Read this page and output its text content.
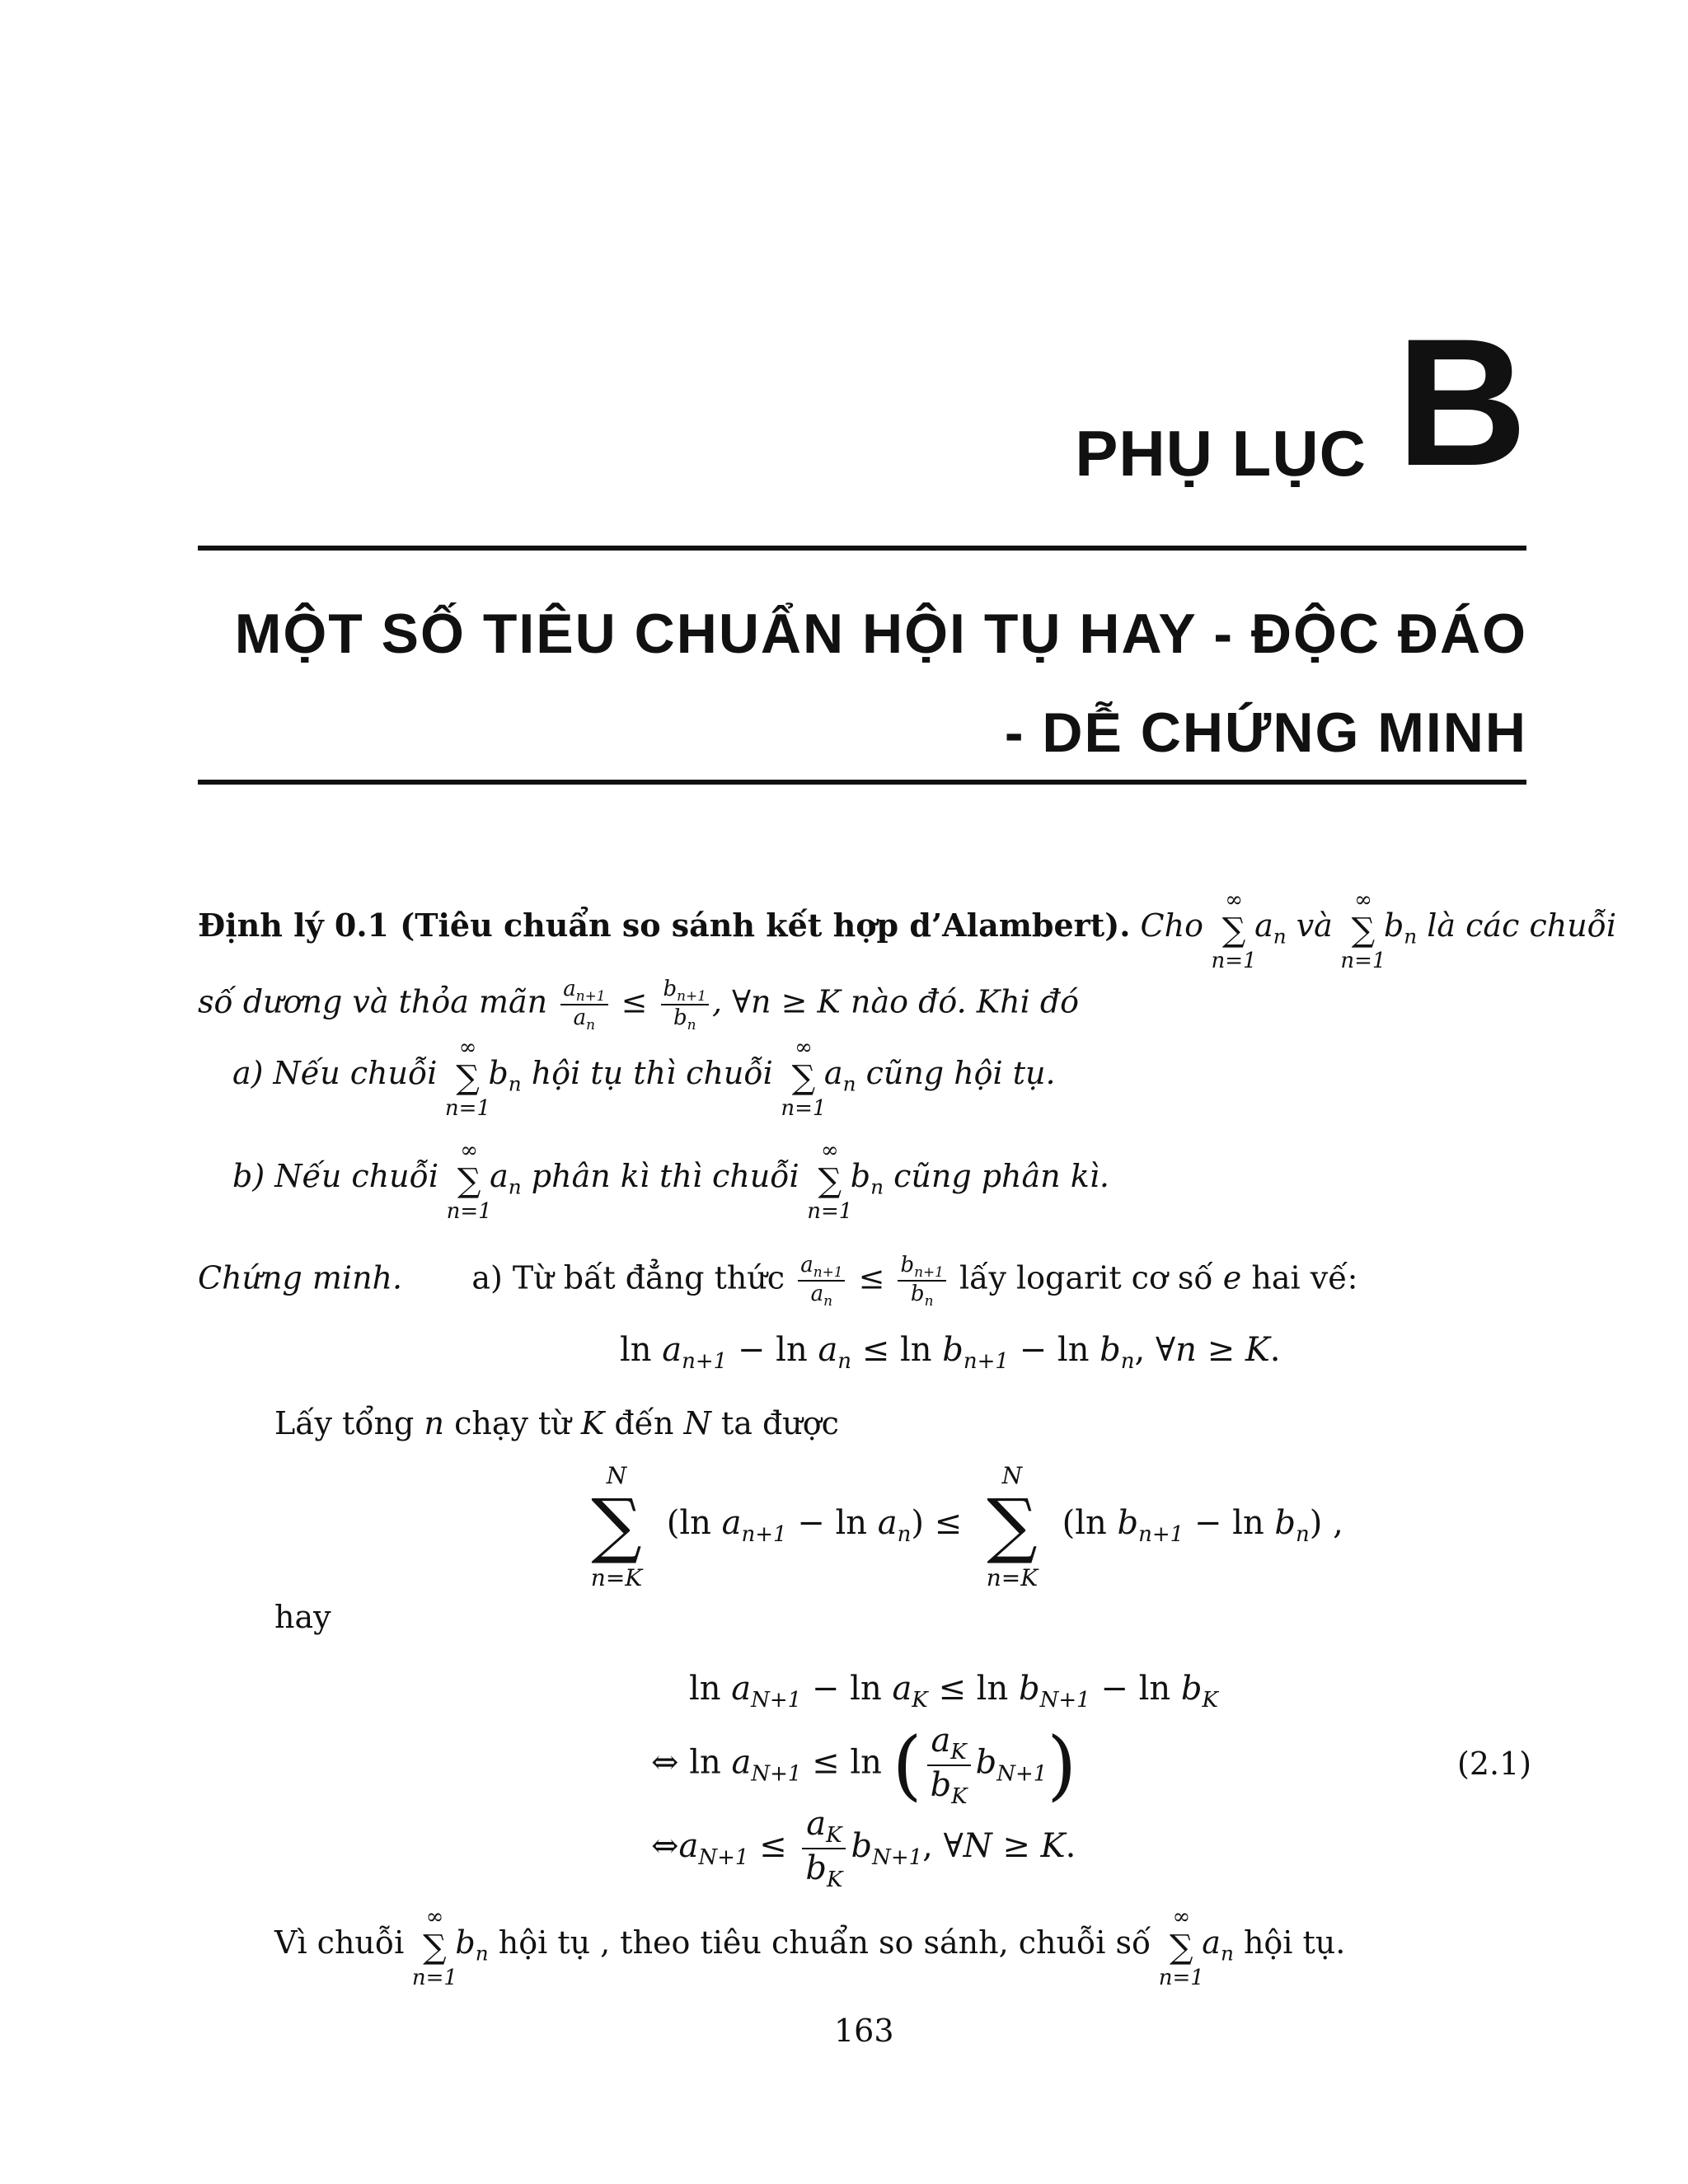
PHỤ LỤC B
MỘT SỐ TIÊU CHUẨN HỘI TỤ HAY - ĐỘC ĐÁO
- DỄ CHỨNG MINH
Định lý 0.1 (Tiêu chuẩn so sánh kết hợp d’Alambert). Cho
∞
∑
n=1
$a_n$ và
∞
∑
n=1
$b_n$ là các chuỗi
số dương và thỏa mãn $\frac{a_{n+1}}{a_n} \le \frac{b_{n+1}}{b_n}$ , ∀n ≥ K nào đó. Khi đó
a) Nếu chuỗi
∞
∑
n=1
$b_n$ hội tụ thì chuỗi
∞
∑
n=1
$a_n$ cũng hội tụ.
b) Nếu chuỗi
∞
∑
n=1
$a_n$ phân kì thì chuỗi
∞
∑
n=1
$b_n$ cũng phân kì.
Chứng minh. a) Từ bất đẳng thức $\frac{a_{n+1}}{a_n} \le \frac{b_{n+1}}{b_n}$ lấy logarit cơ số e hai vế:
$\ln a_{n+1} - \ln a_n \le \ln b_{n+1} - \ln b_n$, ∀n ≥ K.
Lấy tổng n chạy từ K đến N ta được
N
∑
n=K
(ln $a_{n+1} - \ln a_n$) ≤
N
∑
n=K
(ln $b_{n+1} - \ln b_n$) ,
hay
$\ln a_{N+1} - \ln a_K \le \ln b_{N+1} - \ln b_K$
⇔ $\ln a_{N+1} \le \ln$ ( $\frac{a_K}{b_K} b_{N+1}$)	(2.1)
$\Leftrightarrow a_{N+1} \le \frac{a_K}{b_K} b_{N+1}$, ∀N ≥ K.
Vì chuỗi
∞
∑
n=1
$b_n$ hội tụ , theo tiêu chuẩn so sánh, chuỗi số
∞
∑
n=1
$a_n$ hội tụ.
163
